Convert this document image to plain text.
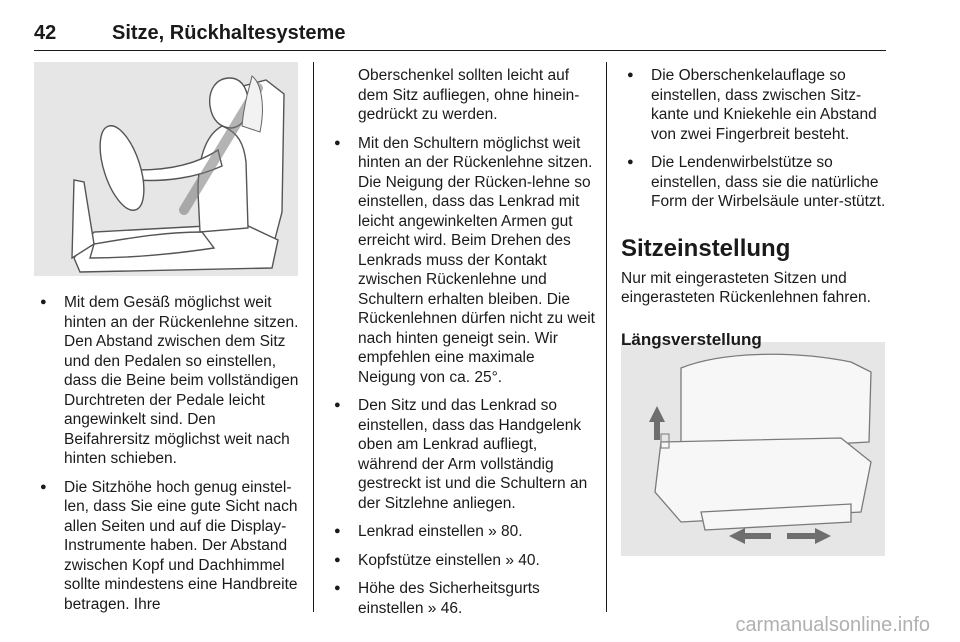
42	Sitze, Rückhaltesysteme
● Mit dem Gesäß möglichst weit hinten an der Rückenlehne sitzen. Den Abstand zwischen dem Sitz und den Pedalen so einstellen, dass die Beine beim vollständigen Durchtreten der Pedale leicht angewinkelt sind. Den Beifahrersitz möglichst weit nach hinten schieben.
● Die Sitzhöhe hoch genug einstel-len, dass Sie eine gute Sicht nach allen Seiten und auf die Display-Instrumente haben. Der Abstand zwischen Kopf und Dachhimmel sollte mindestens eine Handbreite betragen. Ihre
Oberschenkel sollten leicht auf dem Sitz aufliegen, ohne hinein-gedrückt zu werden.
● Mit den Schultern möglichst weit hinten an der Rückenlehne sitzen. Die Neigung der Rücken-lehne so einstellen, dass das Lenkrad mit leicht angewinkelten Armen gut erreicht wird. Beim Drehen des Lenkrads muss der Kontakt zwischen Rückenlehne und Schultern erhalten bleiben. Die Rückenlehnen dürfen nicht zu weit nach hinten geneigt sein. Wir empfehlen eine maximale Neigung von ca. 25°.
● Den Sitz und das Lenkrad so einstellen, dass das Handgelenk oben am Lenkrad aufliegt, während der Arm vollständig gestreckt ist und die Schultern an der Sitzlehne anliegen.
● Lenkrad einstellen » 80.
● Kopfstütze einstellen » 40.
● Höhe des Sicherheitsgurts einstellen » 46.
● Die Oberschenkelauflage so einstellen, dass zwischen Sitz-kante und Kniekehle ein Abstand von zwei Fingerbreit besteht.
● Die Lendenwirbelstütze so einstellen, dass sie die natürliche Form der Wirbelsäule unter-stützt.
Sitzeinstellung
Nur mit eingerasteten Sitzen und eingerasteten Rückenlehnen fahren.
Längsverstellung
carmanualsonline.info
